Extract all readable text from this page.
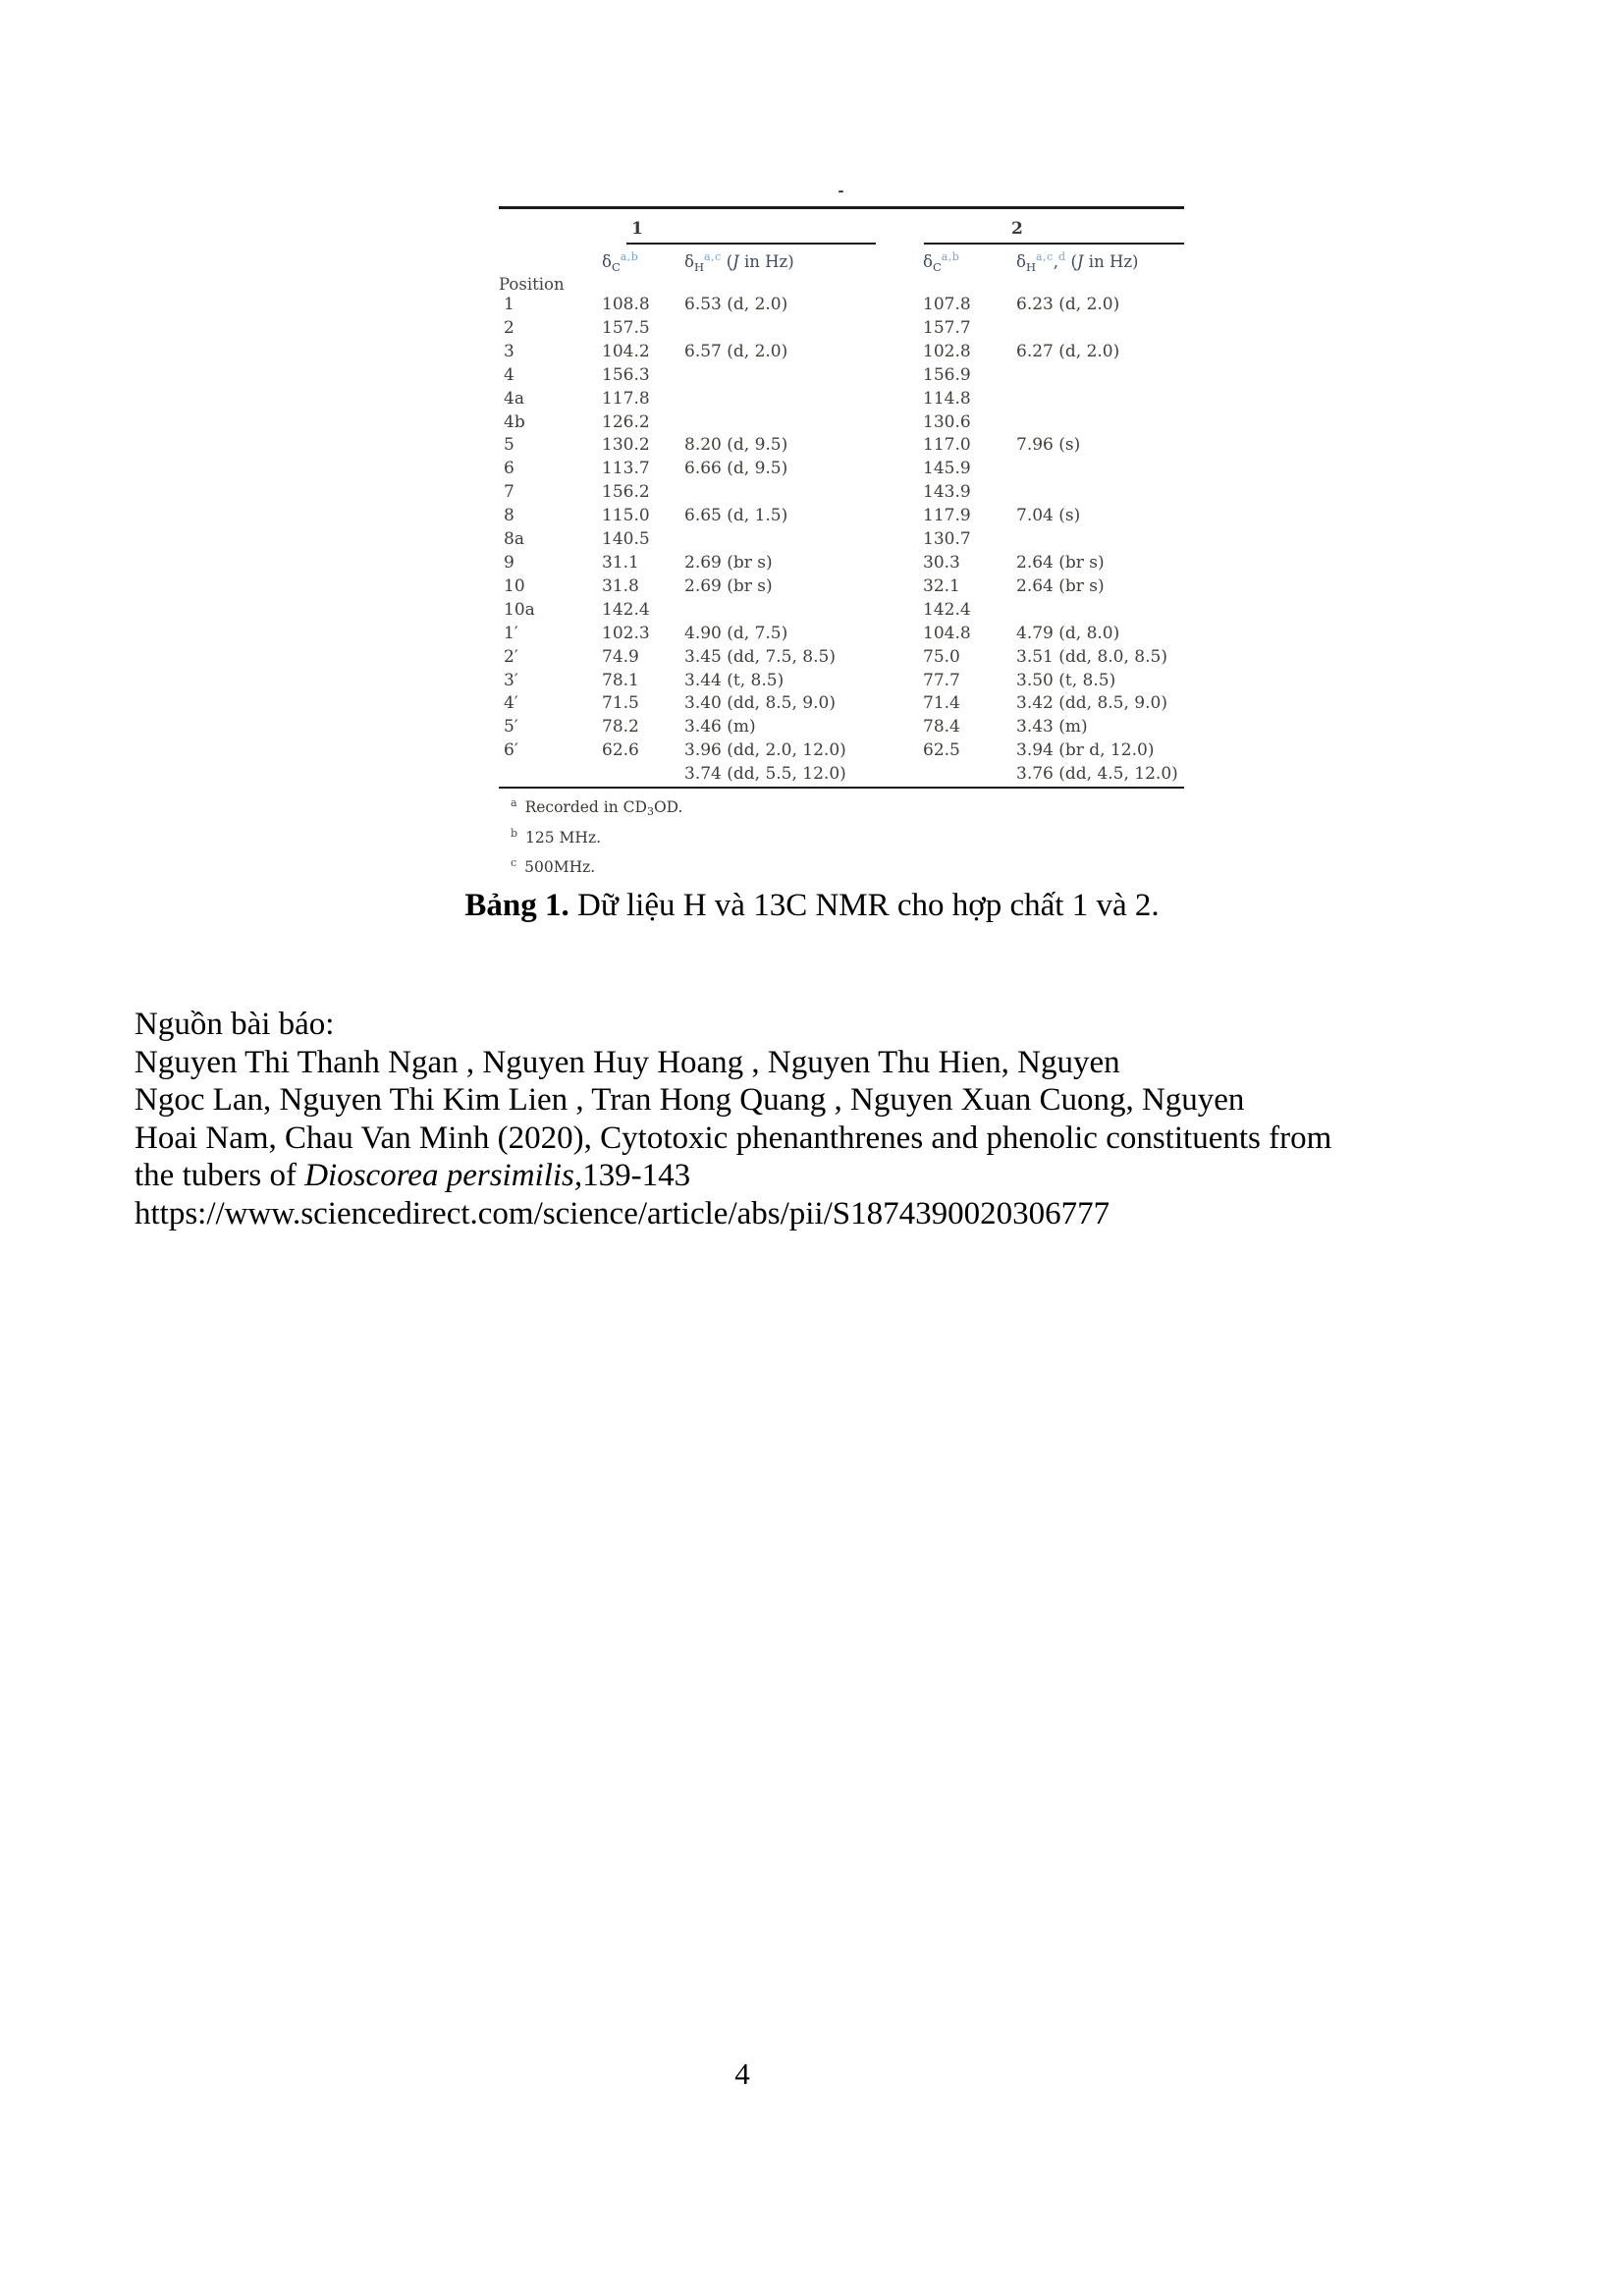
-
Position	1		2	

	$\delta_C^{a,b}$	$\delta_H^{a,c}$ (J in Hz)	$\delta_C^{a,b}$	$\delta_H^{a,c},^d$ (J in Hz)
1	108.8	6.53 (d, 2.0)	107.8	6.23 (d, 2.0)
2	157.5		157.7	
3	104.2	6.57 (d, 2.0)	102.8	6.27 (d, 2.0)
4	156.3		156.9	
4a	117.8		114.8	
4b	126.2		130.6	
5	130.2	8.20 (d, 9.5)	117.0	7.96 (s)
6	113.7	6.66 (d, 9.5)	145.9	
7	156.2		143.9	
8	115.0	6.65 (d, 1.5)	117.9	7.04 (s)
8a	140.5		130.7	
9	31.1	2.69 (br s)	30.3	2.64 (br s)
10	31.8	2.69 (br s)	32.1	2.64 (br s)
10a	142.4		142.4	
1′	102.3	4.90 (d, 7.5)	104.8	4.79 (d, 8.0)
2′	74.9	3.45 (dd, 7.5, 8.5)	75.0	3.51 (dd, 8.0, 8.5)
3′	78.1	3.44 (t, 8.5)	77.7	3.50 (t, 8.5)
4′	71.5	3.40 (dd, 8.5, 9.0)	71.4	3.42 (dd, 8.5, 9.0)
5′	78.2	3.46 (m)	78.4	3.43 (m)
6′	62.6	3.96 (dd, 2.0, 12.0)	62.5	3.94 (br d, 12.0)
		3.74 (dd, 5.5, 12.0)		3.76 (dd, 4.5, 12.0)
$^a$ Recorded in CD3OD.
$^b$ 125 MHz.
$^c$ 500MHz.
Bảng 1. Dữ liệu H và 13C NMR cho hợp chất 1 và 2.
Nguồn bài báo:
Nguyen Thi Thanh Ngan , Nguyen Huy Hoang , Nguyen Thu Hien, Nguyen
Ngoc Lan, Nguyen Thi Kim Lien , Tran Hong Quang , Nguyen Xuan Cuong, Nguyen
Hoai Nam, Chau Van Minh (2020), Cytotoxic phenanthrenes and phenolic constituents from
the tubers of Dioscorea persimilis,139-143
https://www.sciencedirect.com/science/article/abs/pii/S1874390020306777
4
